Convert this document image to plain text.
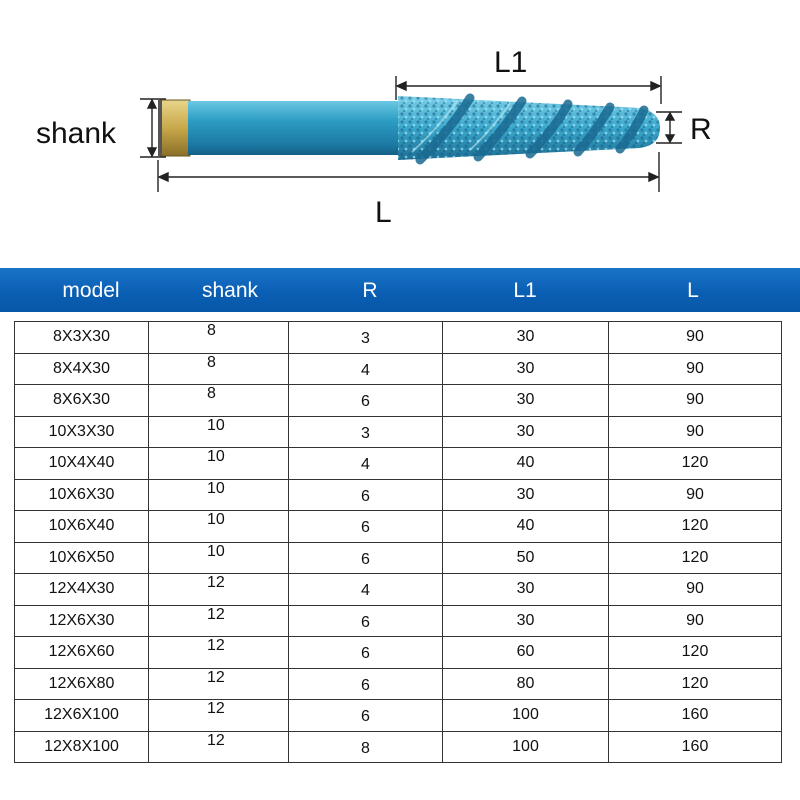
shank
L1
R
L
model	shank	R	L1	L
8X3X30	8	3	30	90
8X4X30	8	4	30	90
8X6X30	8	6	30	90
10X3X30	10	3	30	90
10X4X40	10	4	40	120
10X6X30	10	6	30	90
10X6X40	10	6	40	120
10X6X50	10	6	50	120
12X4X30	12	4	30	90
12X6X30	12	6	30	90
12X6X60	12	6	60	120
12X6X80	12	6	80	120
12X6X100	12	6	100	160
12X8X100	12	8	100	160
